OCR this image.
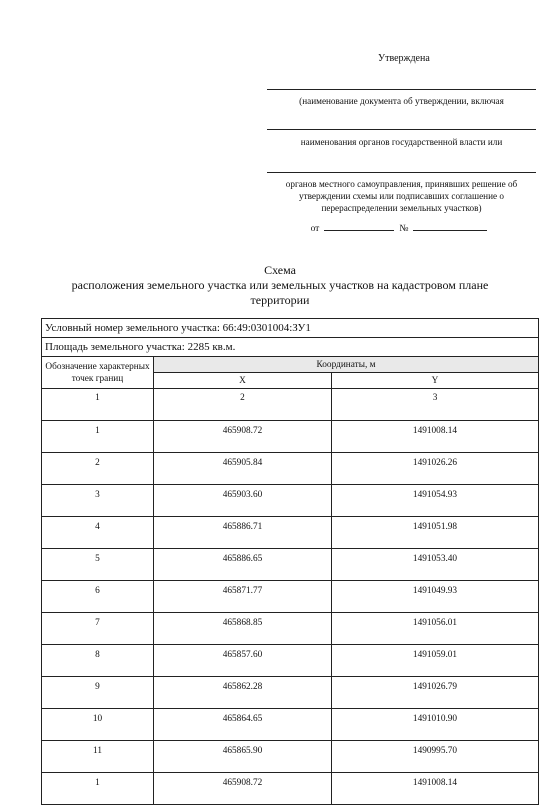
Утверждена
(наименование документа об утверждении, включая
наименования органов государственной власти или
органов местного самоуправления, принявших решение об утверждении схемы или подписавших соглашение о перераспределении земельных участков)
от	№
Схема
расположения земельного участка или земельных участков на кадастровом плане территории
Условный номер земельного участка: 66:49:0301004:ЗУ1		
Площадь земельного участка: 2285 кв.м.		
Обозначение характерных точек границ	Координаты, м	
	X	Y
1	2	3
1	465908.72	1491008.14
2	465905.84	1491026.26
3	465903.60	1491054.93
4	465886.71	1491051.98
5	465886.65	1491053.40
6	465871.77	1491049.93
7	465868.85	1491056.01
8	465857.60	1491059.01
9	465862.28	1491026.79
10	465864.65	1491010.90
11	465865.90	1490995.70
1	465908.72	1491008.14
